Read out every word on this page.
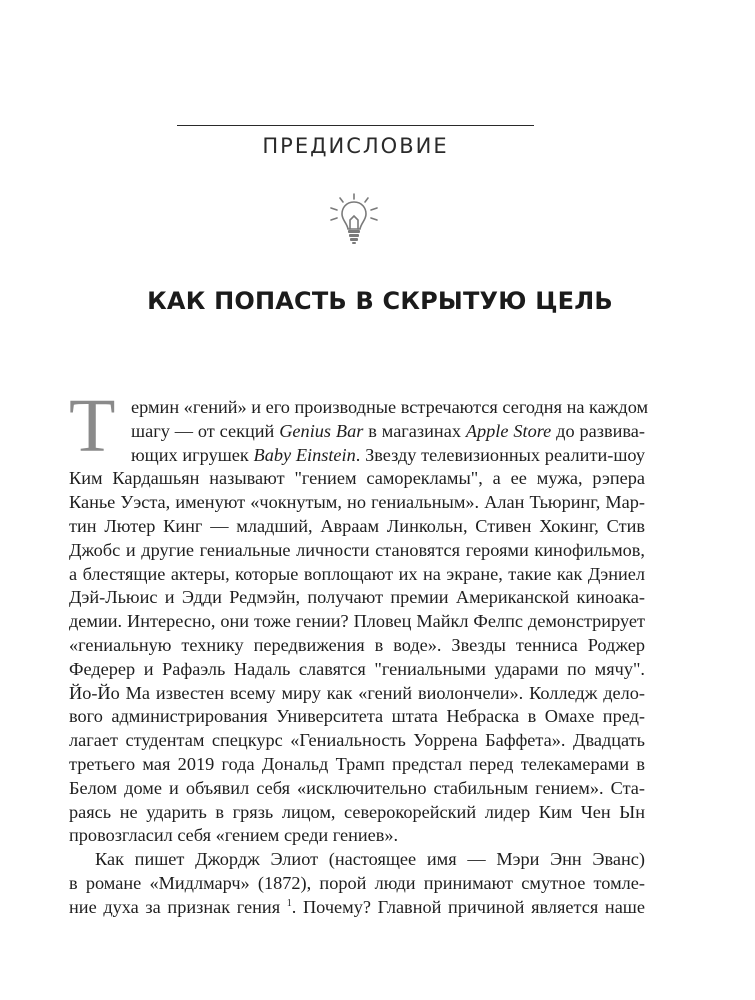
ПРЕДИСЛОВИЕ
КАК ПОПАСТЬ В СКРЫТУЮ ЦЕЛЬ
Т ермин «гений» и его производные встречаются сегодня на каждом
шагу — от секций Genius Bar в магазинах Apple Store до развива-
ющих игрушек Baby Einstein. Звезду телевизионных реалити-шоу
Ким Кардашьян называют "гением саморекламы", а ее мужа, рэпера
Канье Уэста, именуют «чокнутым, но гениальным». Алан Тьюринг, Мар-
тин Лютер Кинг — младший, Авраам Линкольн, Стивен Хокинг, Стив
Джобс и другие гениальные личности становятся героями кинофильмов,
а блестящие актеры, которые воплощают их на экране, такие как Дэниел
Дэй-Льюис и Эдди Редмэйн, получают премии Американской киноака-
демии. Интересно, они тоже гении? Пловец Майкл Фелпс демонстрирует
«гениальную технику передвижения в воде». Звезды тенниса Роджер
Федерер и Рафаэль Надаль славятся "гениальными ударами по мячу".
Йо-Йо Ма известен всему миру как «гений виолончели». Колледж дело-
вого администрирования Университета штата Небраска в Омахе пред-
лагает студентам спецкурс «Гениальность Уоррена Баффета». Двадцать
третьего мая 2019 года Дональд Трамп предстал перед телекамерами в
Белом доме и объявил себя «исключительно стабильным гением». Ста-
раясь не ударить в грязь лицом, северокорейский лидер Ким Чен Ын
провозгласил себя «гением среди гениев».
Как пишет Джордж Элиот (настоящее имя — Мэри Энн Эванс)
в романе «Мидлмарч» (1872), порой люди принимают смутное томле-
ние духа за признак гения $^1$. Почему? Главной причиной является наше
